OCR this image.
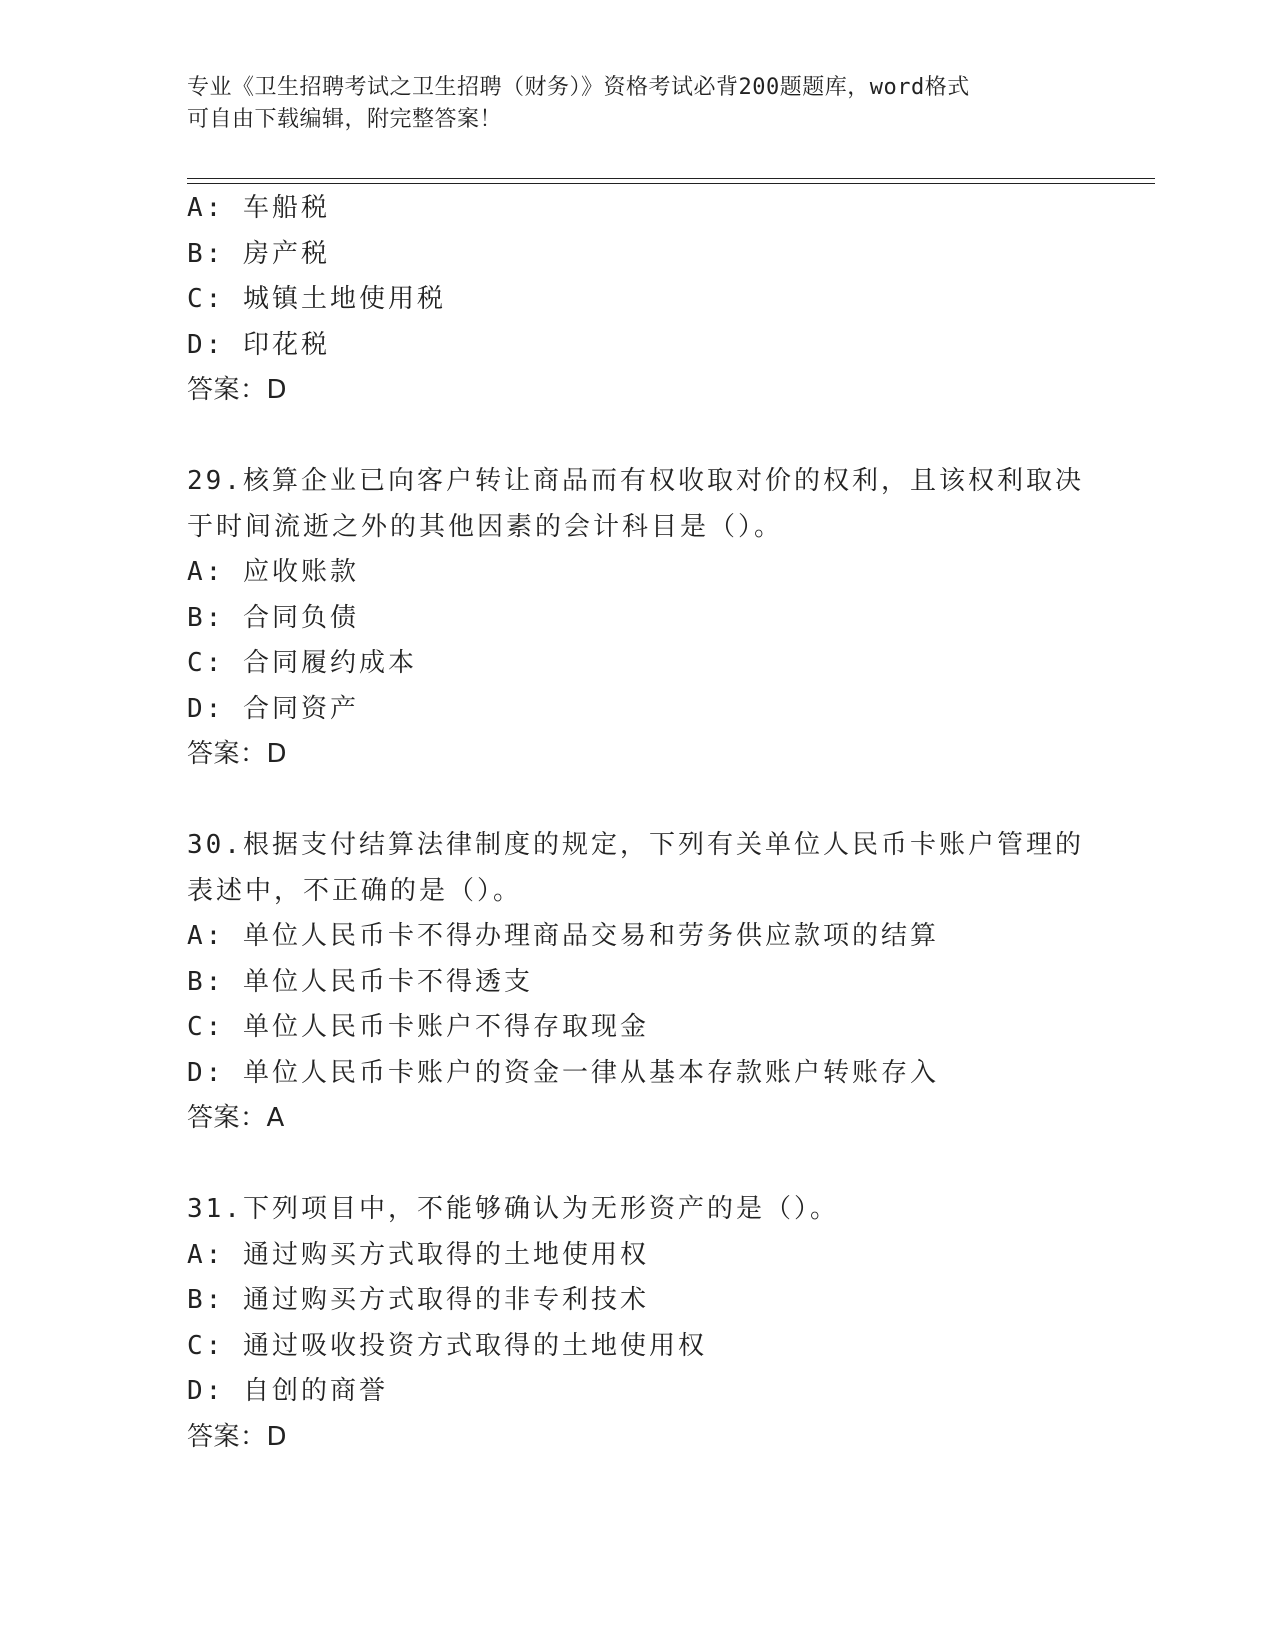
专业《卫生招聘考试之卫生招聘（财务）》资格考试必背200题题库，word格式
可自由下载编辑，附完整答案！
A: 车船税
B: 房产税
C: 城镇土地使用税
D: 印花税
答案：D
29.核算企业已向客户转让商品而有权收取对价的权利，且该权利取决
于时间流逝之外的其他因素的会计科目是（）。
A: 应收账款
B: 合同负债
C: 合同履约成本
D: 合同资产
答案：D
30.根据支付结算法律制度的规定，下列有关单位人民币卡账户管理的
表述中，不正确的是（）。
A: 单位人民币卡不得办理商品交易和劳务供应款项的结算
B: 单位人民币卡不得透支
C: 单位人民币卡账户不得存取现金
D: 单位人民币卡账户的资金一律从基本存款账户转账存入
答案：A
31.下列项目中，不能够确认为无形资产的是（）。
A: 通过购买方式取得的土地使用权
B: 通过购买方式取得的非专利技术
C: 通过吸收投资方式取得的土地使用权
D: 自创的商誉
答案：D
